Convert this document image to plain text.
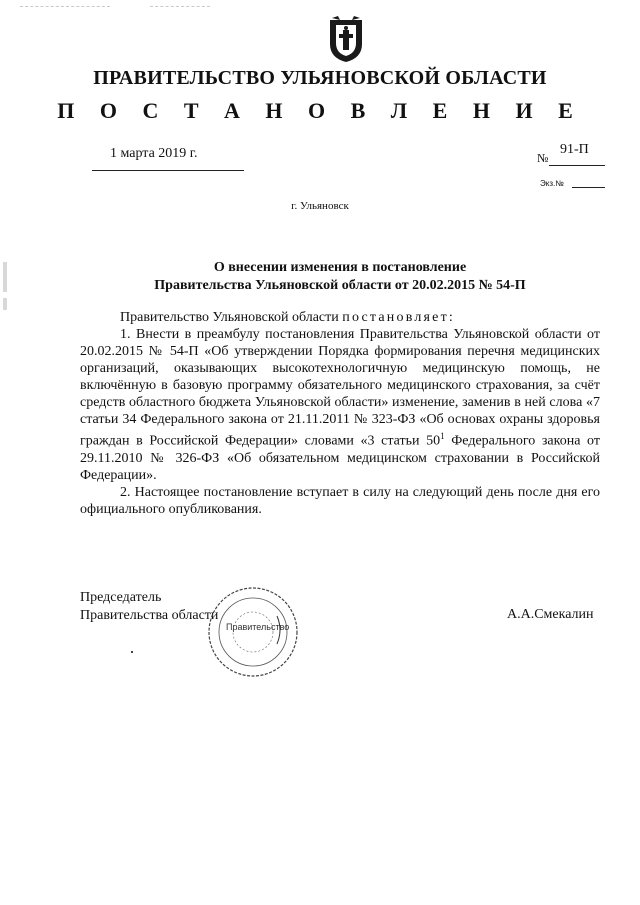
ПРАВИТЕЛЬСТВО УЛЬЯНОВСКОЙ ОБЛАСТИ
П О С Т А Н О В Л Е Н И Е
1 марта 2019 г.	№
91-П
Экз.№
г. Ульяновск
О внесении изменения в постановление
Правительства Ульяновской области от 20.02.2015 № 54-П

Правительство Ульяновской области постановляет:

1. Внести в преамбулу постановления Правительства Ульяновской области от 20.02.2015 № 54-П «Об утверждении Порядка формирования перечня медицинских организаций, оказывающих высокотехнологичную медицинскую помощь, не включённую в базовую программу обязательного медицинского страхования, за счёт средств областного бюджета Ульяновской области» изменение, заменив в ней слова «7 статьи 34 Федерального закона от 21.11.2011 № 323-ФЗ «Об основах охраны здоровья граждан в Российской Федерации» словами «3 статьи $50^1$ Федерального закона от 29.11.2010 № 326-ФЗ «Об обязательном медицинском страховании в Российской Федерации».

2. Настоящее постановление вступает в силу на следующий день после дня его официального опубликования.

Председатель
Правительства области
Правительство
А.А.Смекалин
